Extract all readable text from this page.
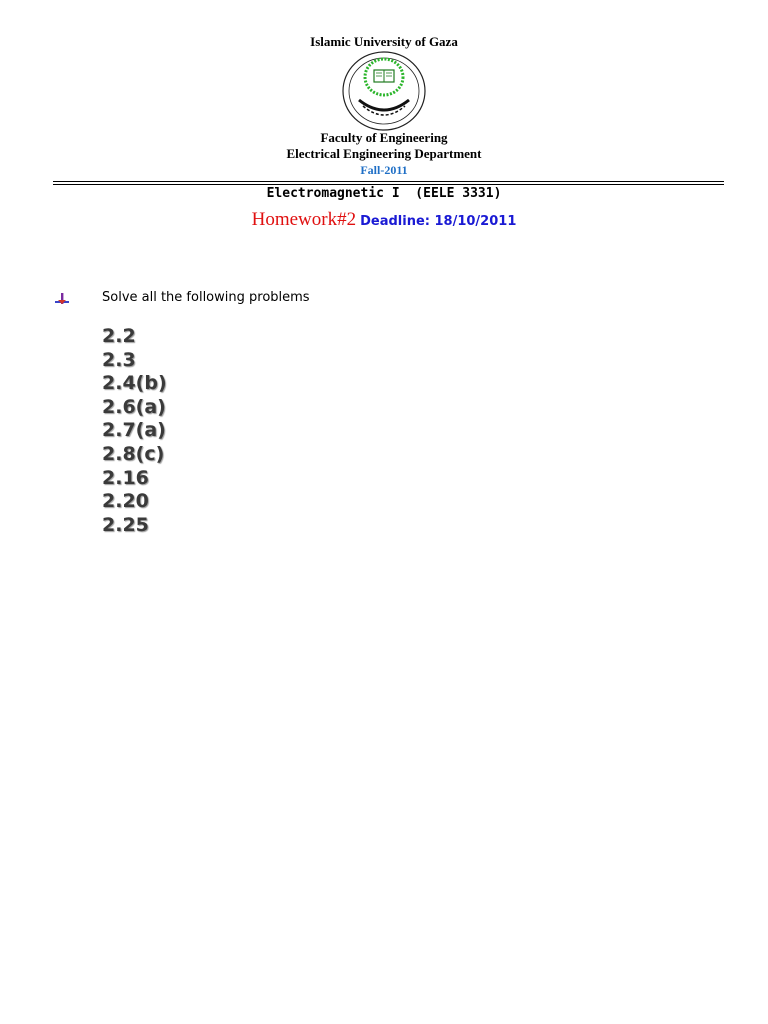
Islamic University of Gaza
Faculty of Engineering
Electrical Engineering Department
Fall-2011
Electromagnetic I  (EELE 3331)
Homework#2 Deadline: 18/10/2011
Solve all the following problems
2.2
2.3
2.4(b)
2.6(a)
2.7(a)
2.8(c)
2.16
2.20
2.25
